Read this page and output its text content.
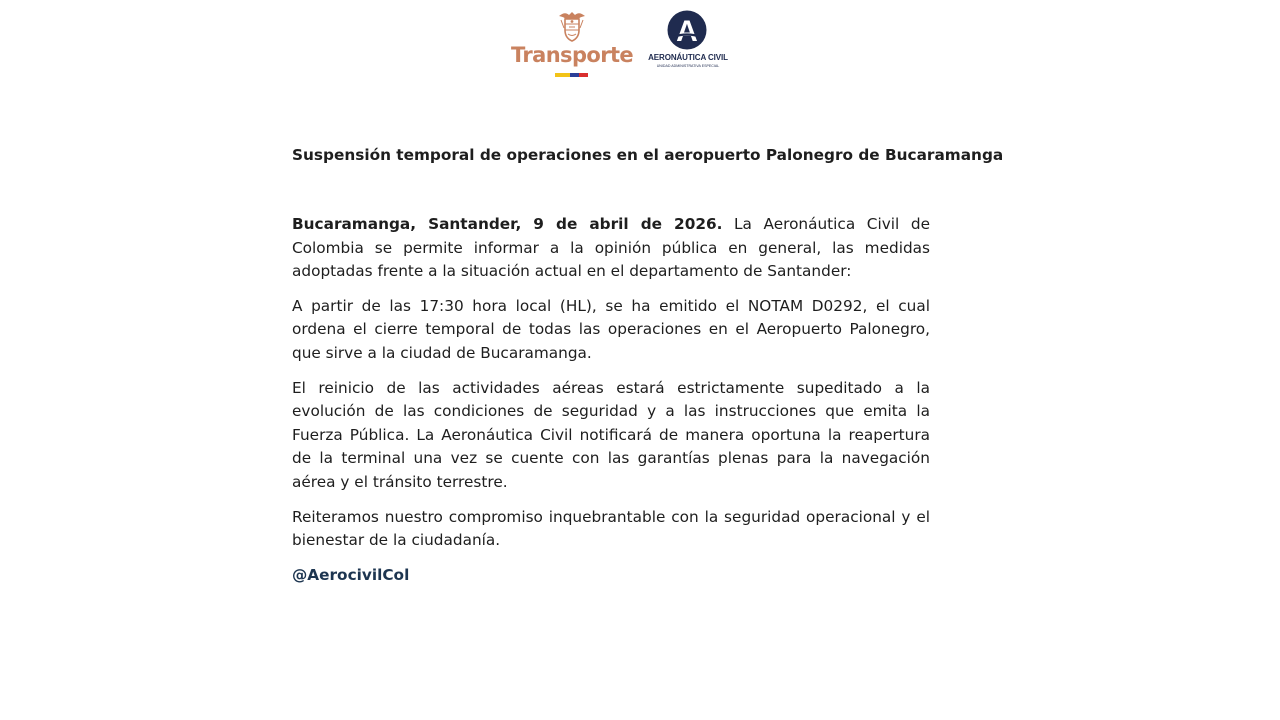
Transporte
A
AERONÁUTICA CIVIL
UNIDAD ADMINISTRATIVA ESPECIAL
Suspensión temporal de operaciones en el aeropuerto Palonegro de Bucaramanga

Bucaramanga, Santander, 9 de abril de 2026. La Aeronáutica Civil de Colombia se permite informar a la opinión pública en general, las medidas adoptadas frente a la situación actual en el departamento de Santander:

A partir de las 17:30 hora local (HL), se ha emitido el NOTAM D0292, el cual ordena el cierre temporal de todas las operaciones en el Aeropuerto Palonegro, que sirve a la ciudad de Bucaramanga.

El reinicio de las actividades aéreas estará estrictamente supeditado a la evolución de las condiciones de seguridad y a las instrucciones que emita la Fuerza Pública. La Aeronáutica Civil notificará de manera oportuna la reapertura de la terminal una vez se cuente con las garantías plenas para la navegación aérea y el tránsito terrestre.

Reiteramos nuestro compromiso inquebrantable con la seguridad operacional y el bienestar de la ciudadanía.

@AerocivilCol
